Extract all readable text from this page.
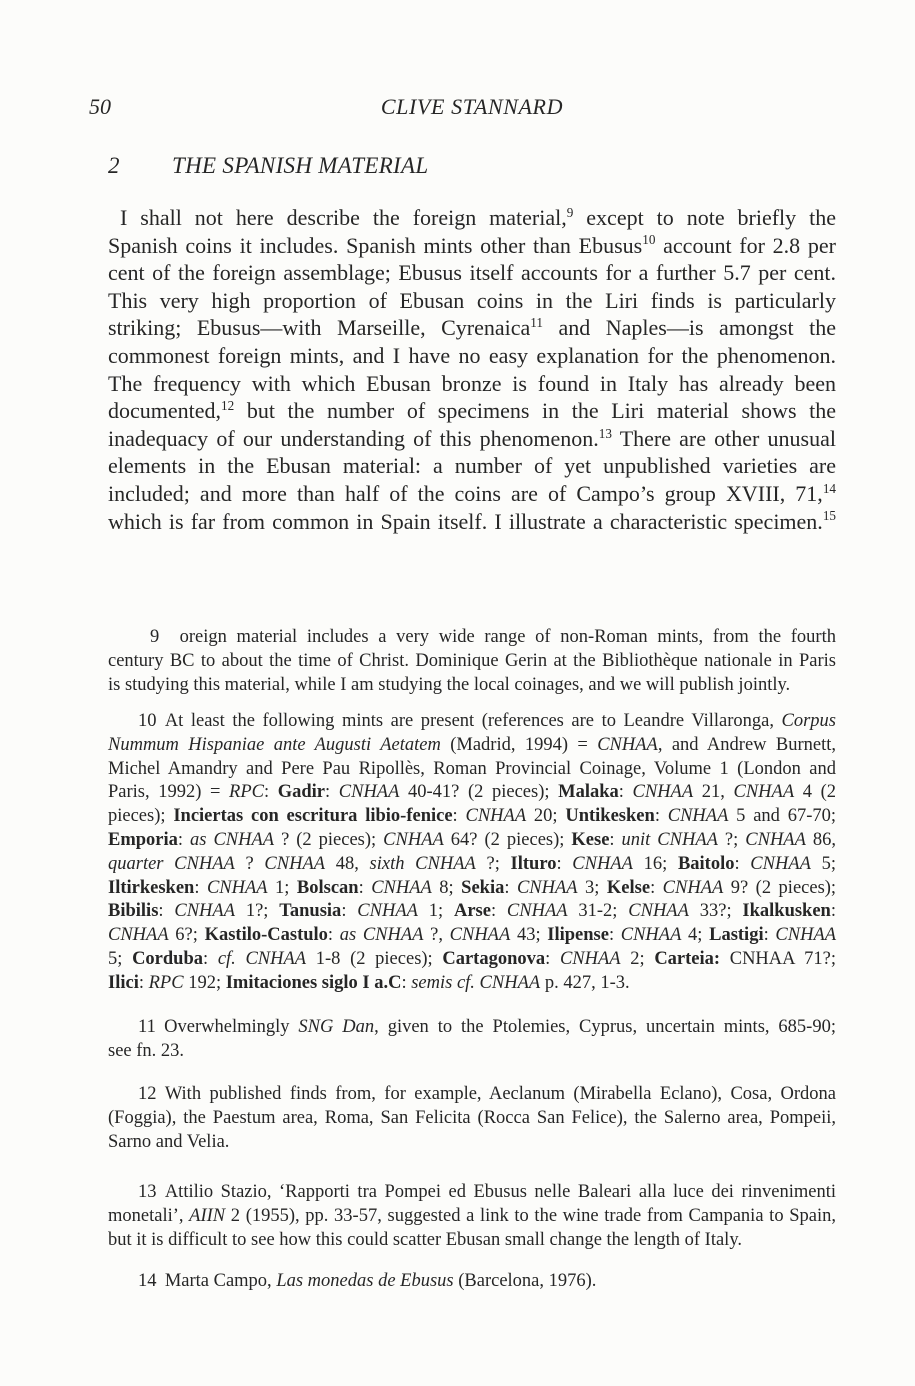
50	CLIVE STANNARD
2 THE SPANISH MATERIAL
I shall not here describe the foreign material,$^9$ except to note briefly the
Spanish coins it includes. Spanish mints other than Ebusus$^{10}$ account for 2.8 per
cent of the foreign assemblage; Ebusus itself accounts for a further 5.7 per cent.
This very high proportion of Ebusan coins in the Liri finds is particularly
striking; Ebusus—with Marseille, Cyrenaica$^{11}$ and Naples—is amongst the
commonest foreign mints, and I have no easy explanation for the phenomenon.
The frequency with which Ebusan bronze is found in Italy has already been
documented,$^{12}$ but the number of specimens in the Liri material shows the
inadequacy of our understanding of this phenomenon.$^{13}$ There are other unusual
elements in the Ebusan material: a number of yet unpublished varieties are
included; and more than half of the coins are of Campo’s group XVIII, 71,14
which is far from common in Spain itself. I illustrate a characteristic specimen.$^{15}$
9 oreign material includes a very wide range of non-Roman mints, from the fourth
century BC to about the time of Christ. Dominique Gerin at the Bibliothèque nationale in Paris
is studying this material, while I am studying the local coinages, and we will publish jointly.
10 At least the following mints are present (references are to Leandre Villaronga, Corpus
Nummum Hispaniae ante Augusti Aetatem (Madrid, 1994) = CNHAA, and Andrew Burnett,
Michel Amandry and Pere Pau Ripollès, Roman Provincial Coinage, Volume 1 (London and
Paris, 1992) = RPC: Gadir: CNHAA 40-41? (2 pieces); Malaka: CNHAA 21, CNHAA 4 (2
pieces); Inciertas con escritura libio-fenice: CNHAA 20; Untikesken: CNHAA 5 and 67-70;
Emporia: as CNHAA ? (2 pieces); CNHAA 64? (2 pieces); Kese: unit CNHAA ?; CNHAA 86,
quarter CNHAA ? CNHAA 48, sixth CNHAA ?; Ilturo: CNHAA 16; Baitolo: CNHAA 5;
Iltirkesken: CNHAA 1; Bolscan: CNHAA 8; Sekia: CNHAA 3; Kelse: CNHAA 9? (2 pieces);
Bibilis: CNHAA 1?; Tanusia: CNHAA 1; Arse: CNHAA 31-2; CNHAA 33?; Ikalkusken:
CNHAA 6?; Kastilo-Castulo: as CNHAA ?, CNHAA 43; Ilipense: CNHAA 4; Lastigi: CNHAA
5; Corduba: cf. CNHAA 1-8 (2 pieces); Cartagonova: CNHAA 2; Carteia: CNHAA 71?;
Ilici: RPC 192; Imitaciones siglo I a.C: semis cf. CNHAA p. 427, 1-3.
11 Overwhelmingly SNG Dan, given to the Ptolemies, Cyprus, uncertain mints, 685-90;
see fn. 23.
12 With published finds from, for example, Aeclanum (Mirabella Eclano), Cosa, Ordona
(Foggia), the Paestum area, Roma, San Felicita (Rocca San Felice), the Salerno area, Pompeii,
Sarno and Velia.
13 Attilio Stazio, ‘Rapporti tra Pompei ed Ebusus nelle Baleari alla luce dei rinvenimenti
monetali’, AIIN 2 (1955), pp. 33-57, suggested a link to the wine trade from Campania to Spain,
but it is difficult to see how this could scatter Ebusan small change the length of Italy.
14 Marta Campo, Las monedas de Ebusus (Barcelona, 1976).
